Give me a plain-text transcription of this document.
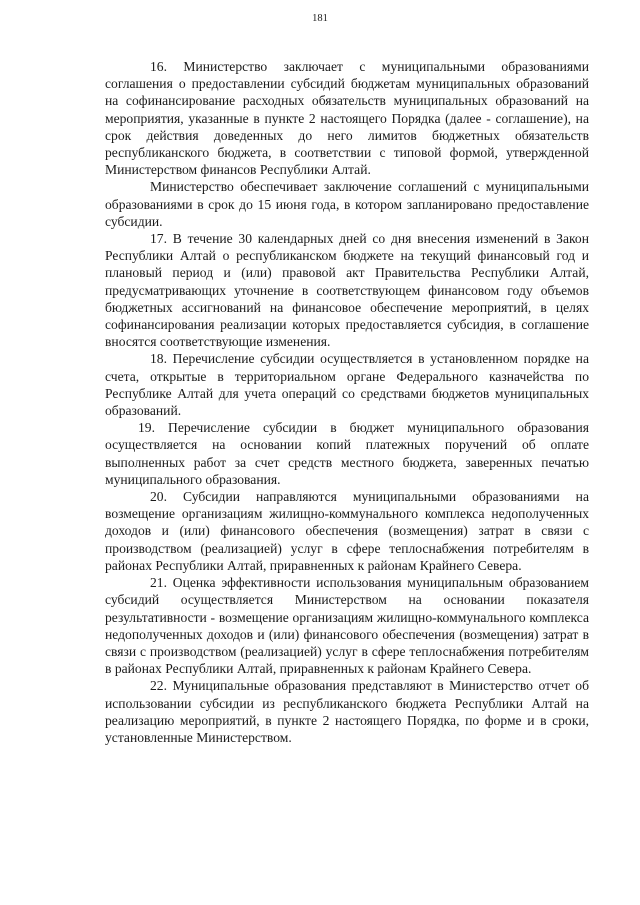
181

16. Министерство заключает с муниципальными образованиями соглашения о предоставлении субсидий бюджетам муниципальных образований на софинансирование расходных обязательств муниципальных образований на мероприятия, указанные в пункте 2 настоящего Порядка (далее - соглашение), на срок действия доведенных до него лимитов бюджетных обязательств республиканского бюджета, в соответствии с типовой формой, утвержденной Министерством финансов Республики Алтай.

Министерство обеспечивает заключение соглашений с муниципальными образованиями в срок до 15 июня года, в котором запланировано предоставление субсидии.

17. В течение 30 календарных дней со дня внесения изменений в Закон Республики Алтай о республиканском бюджете на текущий финансовый год и плановый период и (или) правовой акт Правительства Республики Алтай, предусматривающих уточнение в соответствующем финансовом году объемов бюджетных ассигнований на финансовое обеспечение мероприятий, в целях софинансирования реализации которых предоставляется субсидия, в соглашение вносятся соответствующие изменения.

18. Перечисление субсидии осуществляется в установленном порядке на счета, открытые в территориальном органе Федерального казначейства по Республике Алтай для учета операций со средствами бюджетов муниципальных образований.

19. Перечисление субсидии в бюджет муниципального образования осуществляется на основании копий платежных поручений об оплате выполненных работ за счет средств местного бюджета, заверенных печатью муниципального образования.

20. Субсидии направляются муниципальными образованиями на возмещение организациям жилищно-коммунального комплекса недополученных доходов и (или) финансового обеспечения (возмещения) затрат в связи с производством (реализацией) услуг в сфере теплоснабжения потребителям в районах Республики Алтай, приравненных к районам Крайнего Севера.

21. Оценка эффективности использования муниципальным образованием субсидий осуществляется Министерством на основании показателя результативности - возмещение организациям жилищно-коммунального комплекса недополученных доходов и (или) финансового обеспечения (возмещения) затрат в связи с производством (реализацией) услуг в сфере теплоснабжения потребителям в районах Республики Алтай, приравненных к районам Крайнего Севера.

22. Муниципальные образования представляют в Министерство отчет об использовании субсидии из республиканского бюджета Республики Алтай на реализацию мероприятий, в пункте 2 настоящего Порядка, по форме и в сроки, установленные Министерством.
